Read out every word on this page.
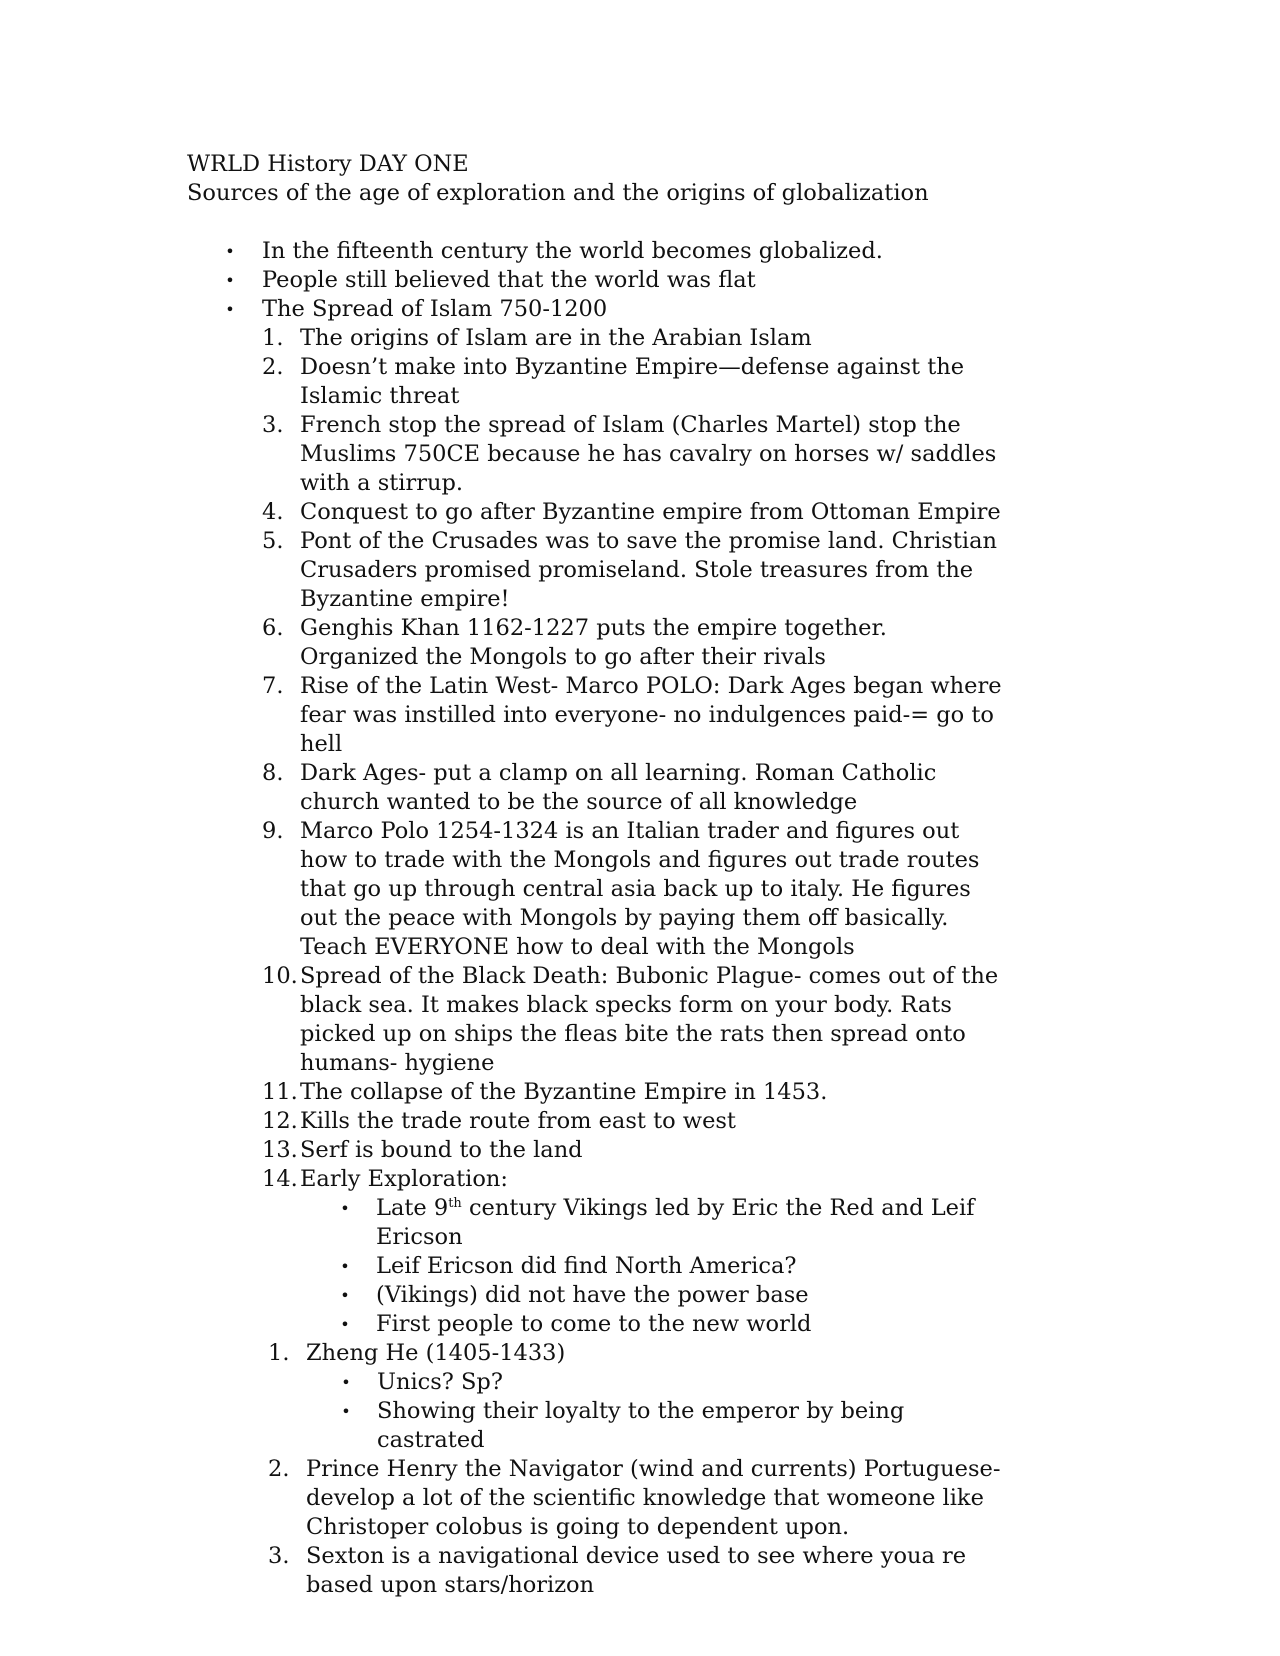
WRLD History DAY ONE

Sources of the age of exploration and the origins of globalization

• In the fifteenth century the world becomes globalized.
• People still believed that the world was flat
• The Spread of Islam 750-1200
1. The origins of Islam are in the Arabian Islam
2. Doesn’t make into Byzantine Empire—defense against the Islamic threat
3. French stop the spread of Islam (Charles Martel) stop the Muslims 750CE because he has cavalry on horses w/ saddles with a stirrup.
4. Conquest to go after Byzantine empire from Ottoman Empire
5. Pont of the Crusades was to save the promise land. Christian Crusaders promised promiseland. Stole treasures from the Byzantine empire!
6. Genghis Khan 1162-1227 puts the empire together. Organized the Mongols to go after their rivals
7. Rise of the Latin West- Marco POLO: Dark Ages began where fear was instilled into everyone- no indulgences paid-= go to hell
8. Dark Ages- put a clamp on all learning. Roman Catholic church wanted to be the source of all knowledge
9. Marco Polo 1254-1324 is an Italian trader and figures out how to trade with the Mongols and figures out trade routes that go up through central asia back up to italy. He figures out the peace with Mongols by paying them off basically. Teach EVERYONE how to deal with the Mongols
10. Spread of the Black Death: Bubonic Plague- comes out of the black sea. It makes black specks form on your body. Rats picked up on ships the fleas bite the rats then spread onto humans- hygiene
11. The collapse of the Byzantine Empire in 1453.
12. Kills the trade route from east to west
13. Serf is bound to the land
14. Early Exploration:
• Late 9th century Vikings led by Eric the Red and Leif Ericson
• Leif Ericson did find North America?
• (Vikings) did not have the power base
• First people to come to the new world
1. Zheng He (1405-1433)
• Unics? Sp?
• Showing their loyalty to the emperor by being castrated
2. Prince Henry the Navigator (wind and currents) Portuguese- develop a lot of the scientific knowledge that womeone like Christoper colobus is going to dependent upon.
3. Sexton is a navigational device used to see where youa re based upon stars/horizon
